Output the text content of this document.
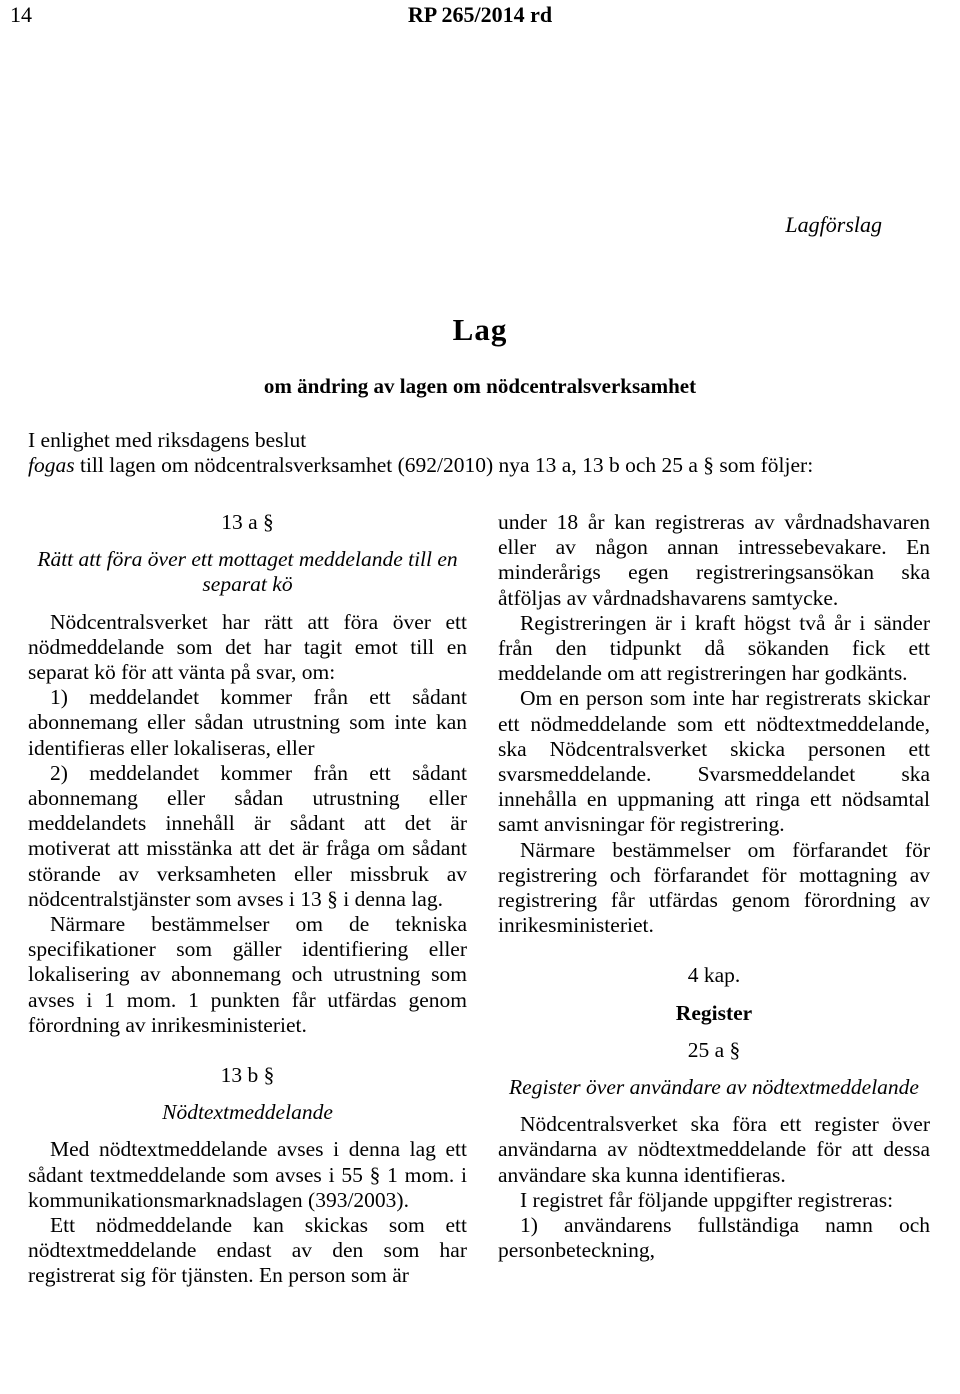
14	RP 265/2014 rd
Lagförslag
Lag
om ändring av lagen om nödcentralsverksamhet

I enlighet med riksdagens beslut

fogas till lagen om nödcentralsverksamhet (692/2010) nya 13 a, 13 b och 25 a § som följer:

13 a §

Rätt att föra över ett mottaget meddelande till en separat kö

Nödcentralsverket har rätt att föra över ett nödmeddelande som det har tagit emot till en separat kö för att vänta på svar, om:

1) meddelandet kommer från ett sådant abonnemang eller sådan utrustning som inte kan identifieras eller lokaliseras, eller

2) meddelandet kommer från ett sådant abonnemang eller sådan utrustning eller meddelandets innehåll är sådant att det är motiverat att misstänka att det är fråga om sådant störande av verksamheten eller missbruk av nödcentralstjänster som avses i 13 § i denna lag.

Närmare bestämmelser om de tekniska specifikationer som gäller identifiering eller lokalisering av abonnemang och utrustning som avses i 1 mom. 1 punkten får utfärdas genom förordning av inrikesministeriet.

13 b §

Nödtextmeddelande

Med nödtextmeddelande avses i denna lag ett sådant textmeddelande som avses i 55 § 1 mom. i kommunikationsmarknadslagen (393/2003).

Ett nödmeddelande kan skickas som ett nödtextmeddelande endast av den som har registrerat sig för tjänsten. En person som är

under 18 år kan registreras av vårdnadshavaren eller av någon annan intressebevakare. En minderårigs egen registreringsansökan ska åtföljas av vårdnadshavarens samtycke.

Registreringen är i kraft högst två år i sänder från den tidpunkt då sökanden fick ett meddelande om att registreringen har godkänts.

Om en person som inte har registrerats skickar ett nödmeddelande som ett nödtextmeddelande, ska Nödcentralsverket skicka personen ett svarsmeddelande. Svarsmeddelandet ska innehålla en uppmaning att ringa ett nödsamtal samt anvisningar för registrering.

Närmare bestämmelser om förfarandet för registrering och förfarandet för mottagning av registrering får utfärdas genom förordning av inrikesministeriet.

4 kap.

Register

25 a §

Register över användare av nödtextmeddelande

Nödcentralsverket ska föra ett register över användarna av nödtextmeddelande för att dessa användare ska kunna identifieras.

I registret får följande uppgifter registreras:

1) användarens fullständiga namn och personbeteckning,
